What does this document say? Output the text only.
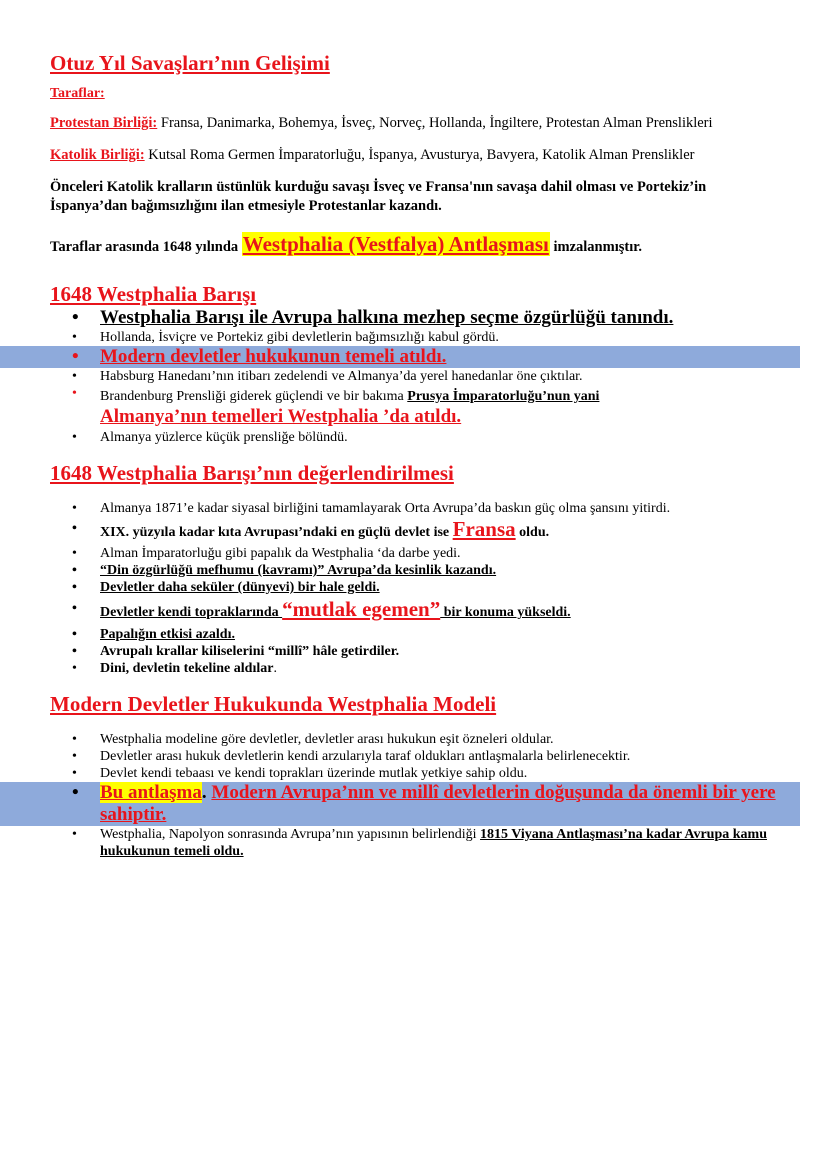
Otuz Yıl Savaşları’nın Gelişimi
Taraflar:
Protestan Birliği: Fransa, Danimarka, Bohemya, İsveç, Norveç, Hollanda, İngiltere, Protestan Alman Prenslikleri
Katolik Birliği: Kutsal Roma Germen İmparatorluğu, İspanya, Avusturya, Bavyera, Katolik Alman Prenslikler
Önceleri Katolik kralların üstünlük kurduğu savaşı İsveç ve Fransa'nın savaşa dahil olması ve Portekiz’in İspanya’dan bağımsızlığını ilan etmesiyle Protestanlar kazandı.
Taraflar arasında 1648 yılında Westphalia (Vestfalya) Antlaşması imzalanmıştır.
1648 Westphalia Barışı
• Westphalia Barışı ile Avrupa halkına mezhep seçme özgürlüğü tanındı.
• Hollanda, İsviçre ve Portekiz gibi devletlerin bağımsızlığı kabul gördü.
• Modern devletler hukukunun temeli atıldı.
• Habsburg Hanedanı’nın itibarı zedelendi ve Almanya’da yerel hanedanlar öne çıktılar.
• Brandenburg Prensliği giderek güçlendi ve bir bakıma Prusya İmparatorluğu’nun yani
Almanya’nın temelleri Westphalia ’da atıldı.
• Almanya yüzlerce küçük prensliğe bölündü.
1648 Westphalia Barışı’nın değerlendirilmesi
• Almanya 1871’e kadar siyasal birliğini tamamlayarak Orta Avrupa’da baskın güç olma şansını yitirdi.
• XIX. yüzyıla kadar kıta Avrupası’ndaki en güçlü devlet ise Fransa oldu.
• Alman İmparatorluğu gibi papalık da Westphalia ‘da darbe yedi.
• “Din özgürlüğü mefhumu (kavramı)” Avrupa’da kesinlik kazandı.
• Devletler daha seküler (dünyevi) bir hale geldi.
• Devletler kendi topraklarında “mutlak egemen” bir konuma yükseldi.
• Papalığın etkisi azaldı.
• Avrupalı krallar kiliselerini “millî” hâle getirdiler.
• Dini, devletin tekeline aldılar.
Modern Devletler Hukukunda Westphalia Modeli
• Westphalia modeline göre devletler, devletler arası hukukun eşit özneleri oldular.
• Devletler arası hukuk devletlerin kendi arzularıyla taraf oldukları antlaşmalarla belirlenecektir.
• Devlet kendi tebaası ve kendi toprakları üzerinde mutlak yetkiye sahip oldu.
• Bu antlaşma. Modern Avrupa’nın ve millî devletlerin doğuşunda da önemli bir yere sahiptir.
• Westphalia, Napolyon sonrasında Avrupa’nın yapısının belirlendiği 1815 Viyana Antlaşması’na kadar Avrupa kamu hukukunun temeli oldu.
